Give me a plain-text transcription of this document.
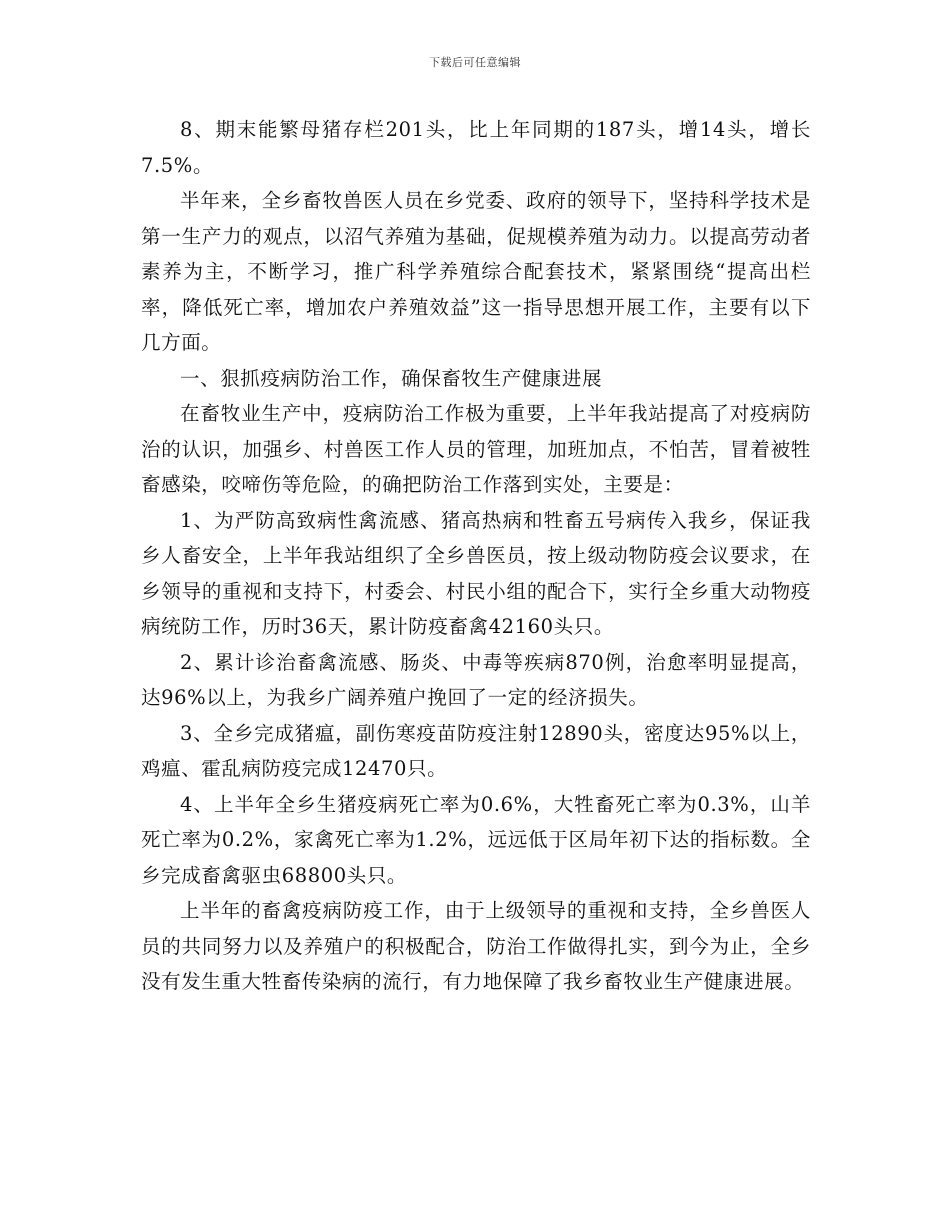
下载后可任意编辑

8、期末能繁母猪存栏201头，比上年同期的187头，增14头，增长7.5%。

半年来，全乡畜牧兽医人员在乡党委、政府的领导下，坚持科学技术是第一生产力的观点，以沼气养殖为基础，促规模养殖为动力。以提高劳动者素养为主，不断学习，推广科学养殖综合配套技术，紧紧围绕“提高出栏率，降低死亡率，增加农户养殖效益”这一指导思想开展工作，主要有以下几方面。

一、狠抓疫病防治工作，确保畜牧生产健康进展

在畜牧业生产中，疫病防治工作极为重要，上半年我站提高了对疫病防治的认识，加强乡、村兽医工作人员的管理，加班加点，不怕苦，冒着被牲畜感染，咬啼伤等危险，的确把防治工作落到实处，主要是：

1、为严防高致病性禽流感、猪高热病和牲畜五号病传入我乡，保证我乡人畜安全，上半年我站组织了全乡兽医员，按上级动物防疫会议要求，在乡领导的重视和支持下，村委会、村民小组的配合下，实行全乡重大动物疫病统防工作，历时36天，累计防疫畜禽42160头只。

2、累计诊治畜禽流感、肠炎、中毒等疾病870例，治愈率明显提高，达96%以上，为我乡广阔养殖户挽回了一定的经济损失。

3、全乡完成猪瘟，副伤寒疫苗防疫注射12890头，密度达95%以上，鸡瘟、霍乱病防疫完成12470只。

4、上半年全乡生猪疫病死亡率为0.6%，大牲畜死亡率为0.3%，山羊死亡率为0.2%，家禽死亡率为1.2%，远远低于区局年初下达的指标数。全乡完成畜禽驱虫68800头只。

上半年的畜禽疫病防疫工作，由于上级领导的重视和支持，全乡兽医人员的共同努力以及养殖户的积极配合，防治工作做得扎实，到今为止，全乡没有发生重大牲畜传染病的流行，有力地保障了我乡畜牧业生产健康进展。
